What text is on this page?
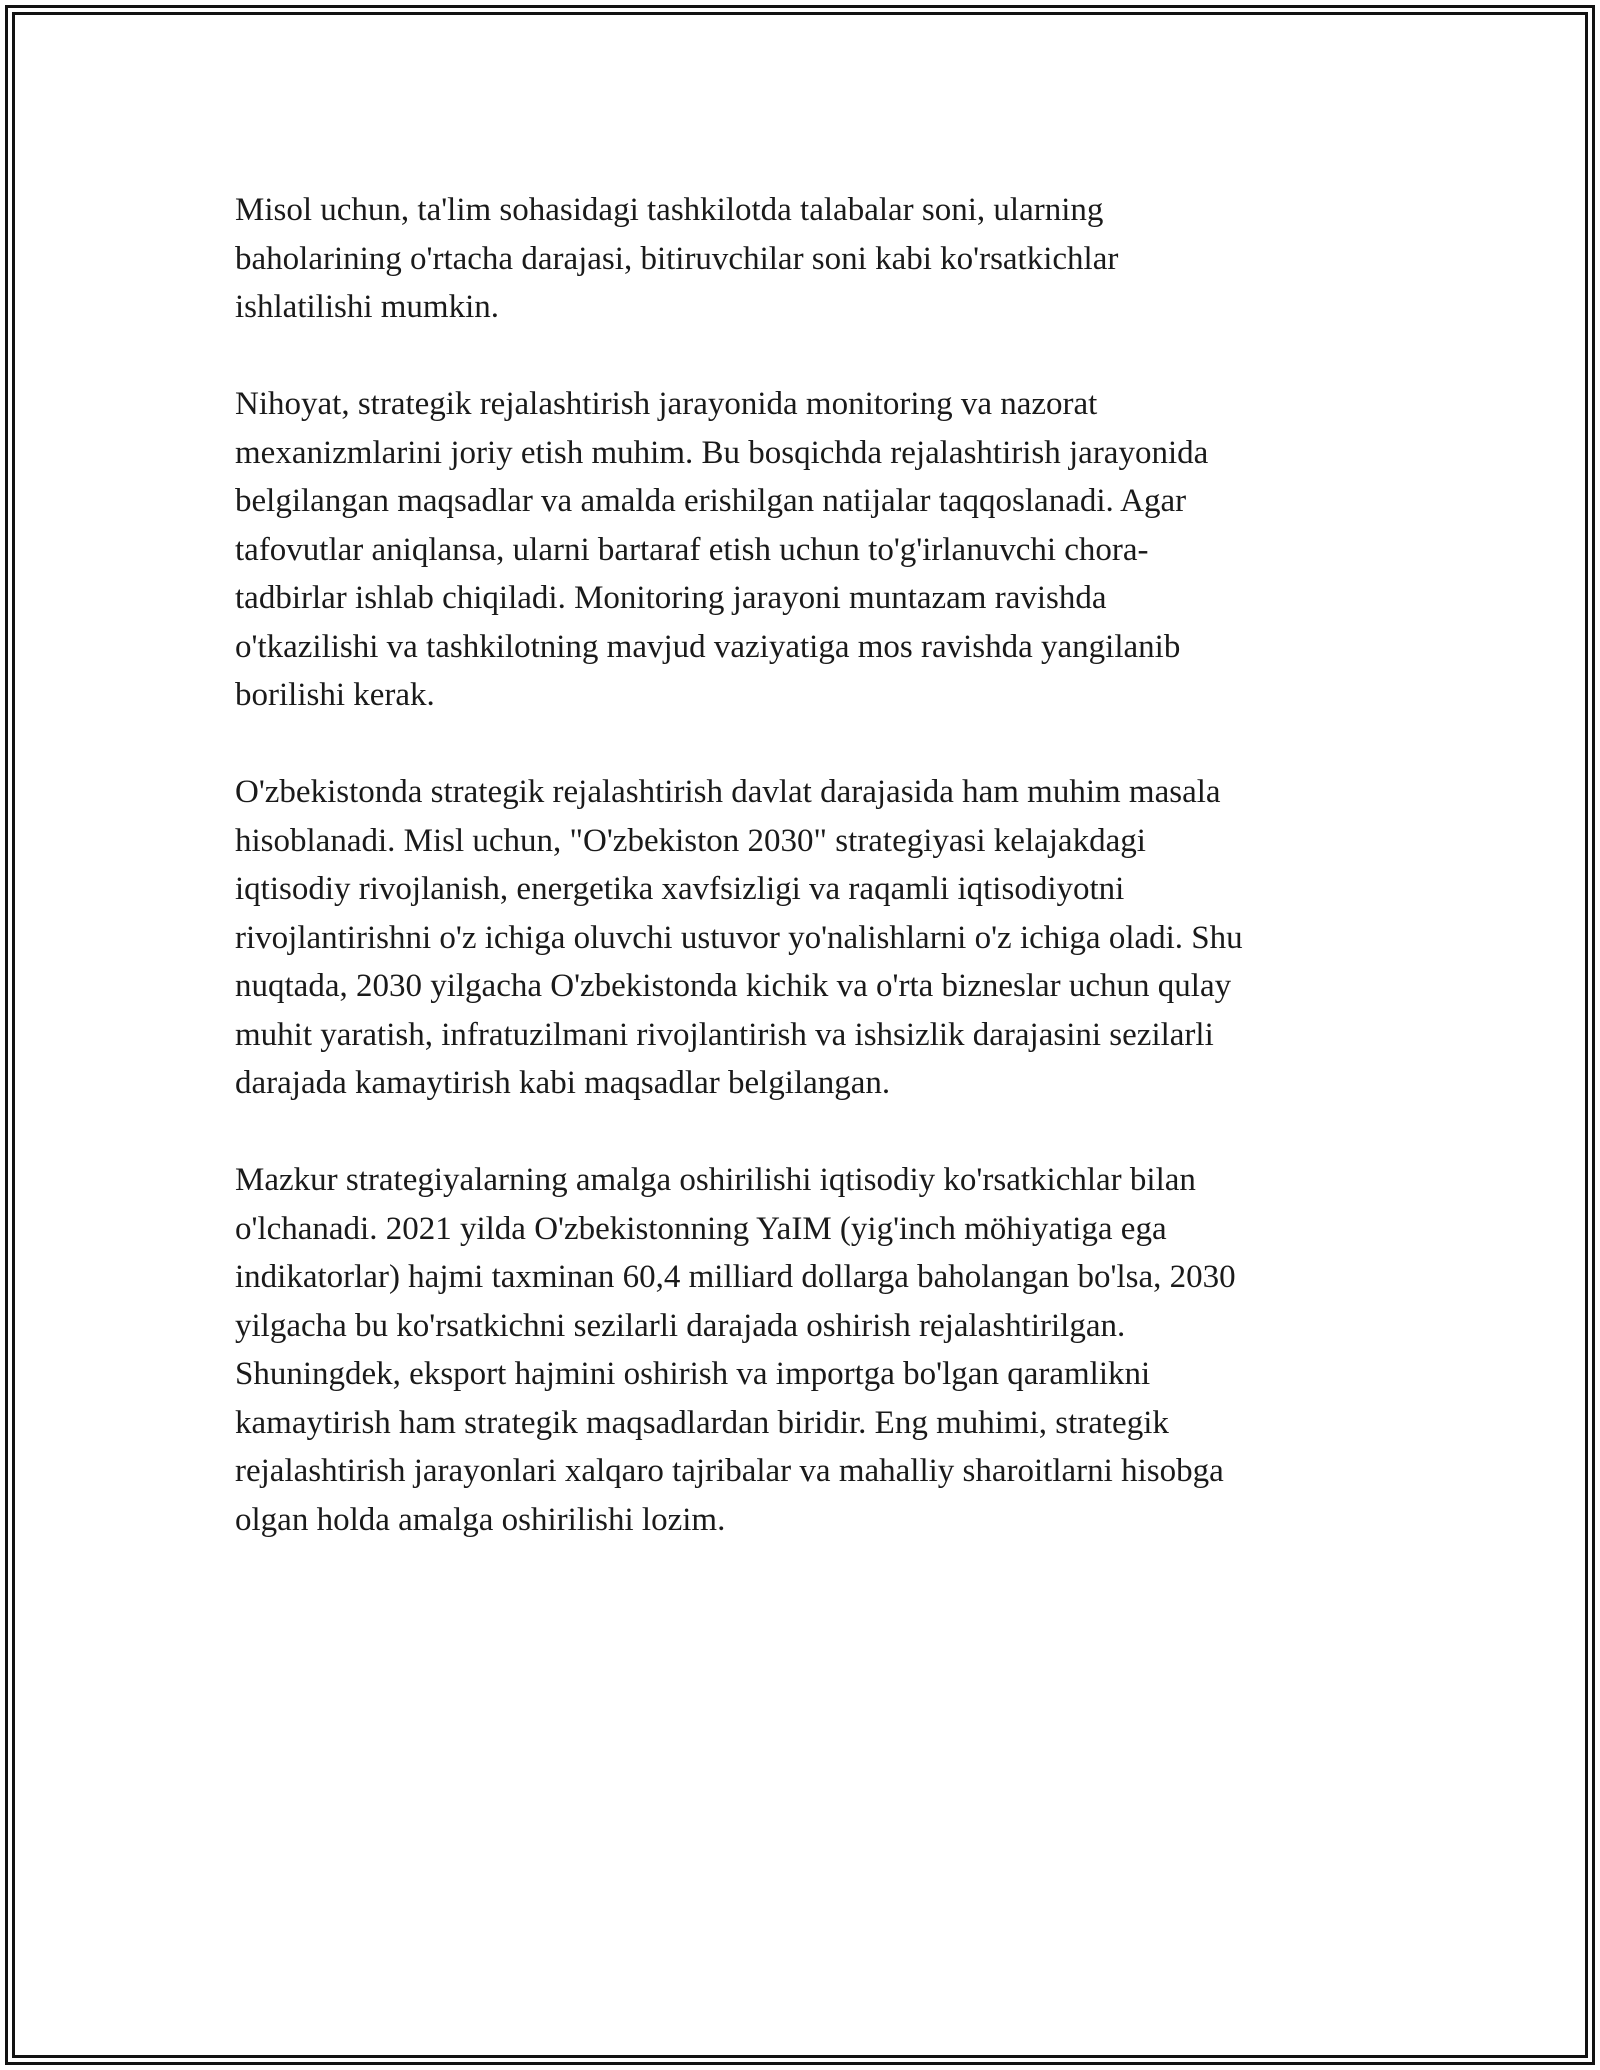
Misol uchun, ta'lim sohasidagi tashkilotda talabalar soni, ularning
baholarining o'rtacha darajasi, bitiruvchilar soni kabi ko'rsatkichlar
ishlatilishi mumkin.

Nihoyat, strategik rejalashtirish jarayonida monitoring va nazorat
mexanizmlarini joriy etish muhim. Bu bosqichda rejalashtirish jarayonida
belgilangan maqsadlar va amalda erishilgan natijalar taqqoslanadi. Agar
tafovutlar aniqlansa, ularni bartaraf etish uchun to'g'irlanuvchi chora-
tadbirlar ishlab chiqiladi. Monitoring jarayoni muntazam ravishda
o'tkazilishi va tashkilotning mavjud vaziyatiga mos ravishda yangilanib
borilishi kerak.

O'zbekistonda strategik rejalashtirish davlat darajasida ham muhim masala
hisoblanadi. Misl uchun, "O'zbekiston 2030" strategiyasi kelajakdagi
iqtisodiy rivojlanish, energetika xavfsizligi va raqamli iqtisodiyotni
rivojlantirishni o'z ichiga oluvchi ustuvor yo'nalishlarni o'z ichiga oladi. Shu
nuqtada, 2030 yilgacha O'zbekistonda kichik va o'rta bizneslar uchun qulay
muhit yaratish, infratuzilmani rivojlantirish va ishsizlik darajasini sezilarli
darajada kamaytirish kabi maqsadlar belgilangan.

Mazkur strategiyalarning amalga oshirilishi iqtisodiy ko'rsatkichlar bilan
o'lchanadi. 2021 yilda O'zbekistonning YaIM (yig'inch möhiyatiga ega
indikatorlar) hajmi taxminan 60,4 milliard dollarga baholangan bo'lsa, 2030
yilgacha bu ko'rsatkichni sezilarli darajada oshirish rejalashtirilgan.
Shuningdek, eksport hajmini oshirish va importga bo'lgan qaramlikni
kamaytirish ham strategik maqsadlardan biridir. Eng muhimi, strategik
rejalashtirish jarayonlari xalqaro tajribalar va mahalliy sharoitlarni hisobga
olgan holda amalga oshirilishi lozim.
